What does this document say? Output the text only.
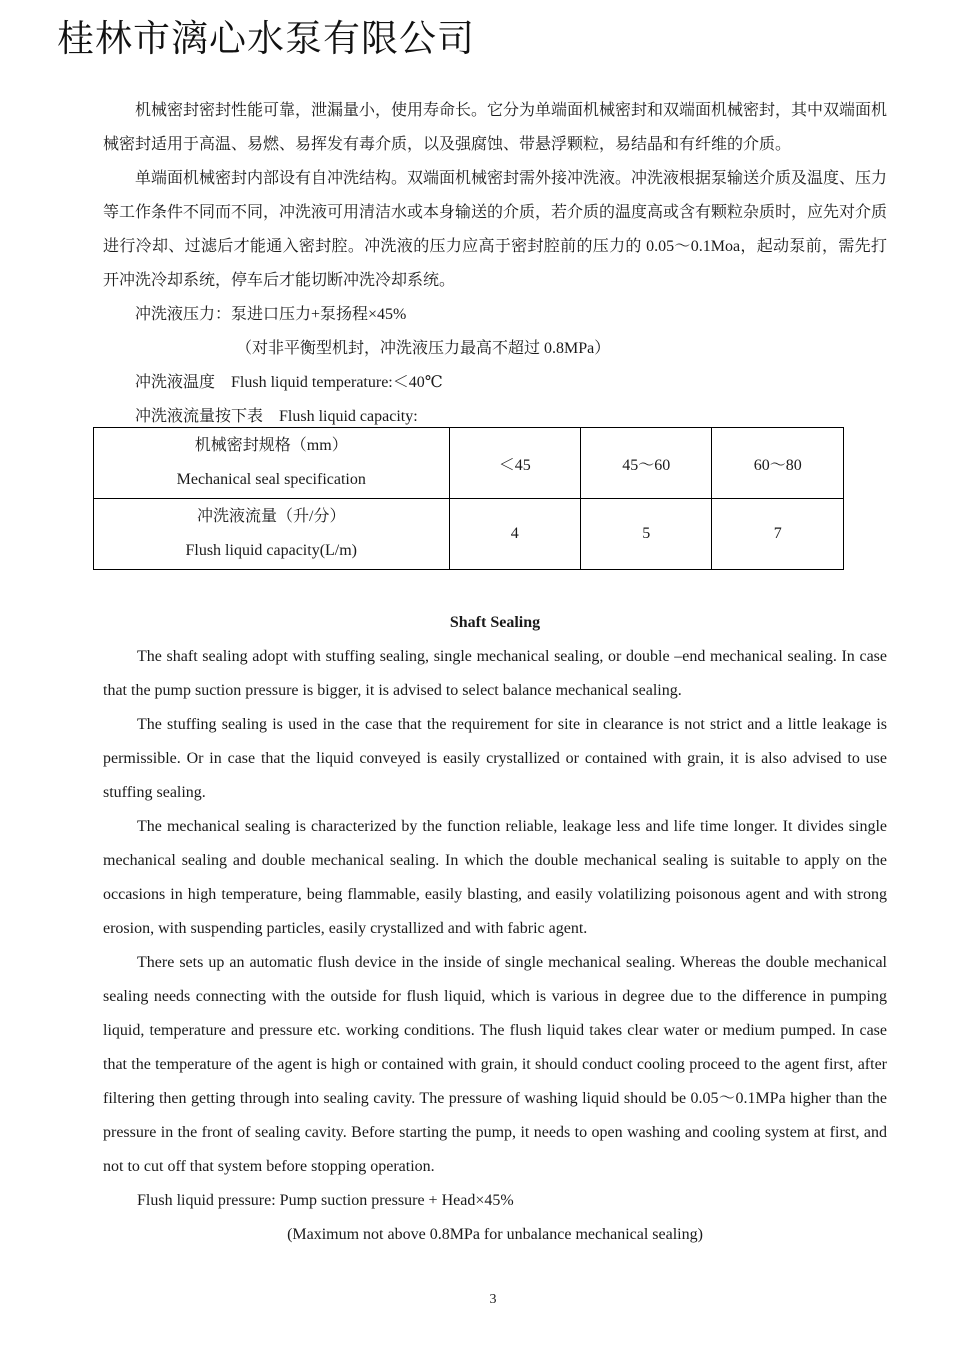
桂林市漓心水泵有限公司

机械密封密封性能可靠，泄漏量小，使用寿命长。它分为单端面机械密封和双端面机械密封，其中双端面机械密封适用于高温、易燃、易挥发有毒介质，以及强腐蚀、带悬浮颗粒，易结晶和有纤维的介质。

单端面机械密封内部设有自冲洗结构。双端面机械密封需外接冲洗液。冲洗液根据泵输送介质及温度、压力等工作条件不同而不同，冲洗液可用清洁水或本身输送的介质，若介质的温度高或含有颗粒杂质时，应先对介质进行冷却、过滤后才能通入密封腔。冲洗液的压力应高于密封腔前的压力的 0.05～0.1Moa，起动泵前，需先打开冲洗冷却系统，停车后才能切断冲洗冷却系统。

冲洗液压力：泵进口压力+泵扬程×45%

（对非平衡型机封，冲洗液压力最高不超过 0.8MPa）

冲洗液温度　Flush liquid temperature:＜40℃

冲洗液流量按下表　Flush liquid capacity:

机械密封规格（mm）
Mechanical seal specification	＜45	45～60	60～80

冲洗液流量（升/分）
Flush liquid capacity(L/m)	4	5	7
Shaft Sealing

The shaft sealing adopt with stuffing sealing, single mechanical sealing, or double –end mechanical sealing. In case that the pump suction pressure is bigger, it is advised to select balance mechanical sealing.

The stuffing sealing is used in the case that the requirement for site in clearance is not strict and a little leakage is permissible. Or in case that the liquid conveyed is easily crystallized or contained with grain, it is also advised to use stuffing sealing.

The mechanical sealing is characterized by the function reliable, leakage less and life time longer. It divides single mechanical sealing and double mechanical sealing. In which the double mechanical sealing is suitable to apply on the occasions in high temperature, being flammable, easily blasting, and easily volatilizing poisonous agent and with strong erosion, with suspending particles, easily crystallized and with fabric agent.

There sets up an automatic flush device in the inside of single mechanical sealing. Whereas the double mechanical sealing needs connecting with the outside for flush liquid, which is various in degree due to the difference in pumping liquid, temperature and pressure etc. working conditions. The flush liquid takes clear water or medium pumped. In case that the temperature of the agent is high or contained with grain, it should conduct cooling proceed to the agent first, after filtering then getting through into sealing cavity. The pressure of washing liquid should be 0.05～0.1MPa higher than the pressure in the front of sealing cavity. Before starting the pump, it needs to open washing and cooling system at first, and not to cut off that system before stopping operation.

Flush liquid pressure: Pump suction pressure + Head×45%

(Maximum not above 0.8MPa for unbalance mechanical sealing)

3
